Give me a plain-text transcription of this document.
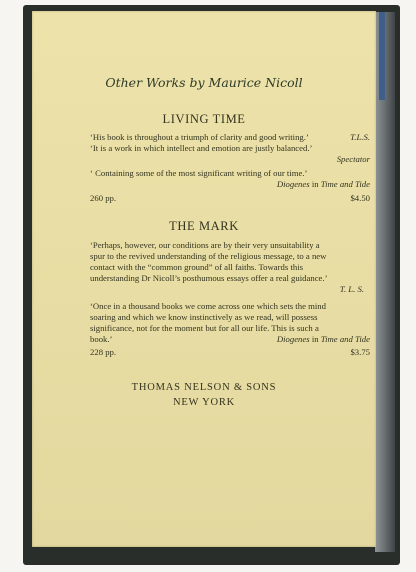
Other Works by Maurice Nicoll
LIVING TIME
‘His book is throughout a triumph of clarity and good writing.’	T.L.S.
‘It is a work in which intellect and emotion are justly balanced.’
Spectator
‘ Containing some of the most significant writing of our time.’
Diogenes in Time and Tide
260 pp.	$4.50
THE MARK
‘Perhaps, however, our conditions are by their very unsuitability a
spur to the revived understanding of the religious message, to a new
contact with the “common ground” of all faiths. Towards this
understanding Dr Nicoll’s posthumous essays offer a real guidance.’
T. L. S.
‘Once in a thousand books we come across one which sets the mind
soaring and which we know instinctively as we read, will possess
significance, not for the moment but for all our life. This is such a
book.’	Diogenes in Time and Tide
228 pp.	$3.75
THOMAS NELSON & SONS
NEW YORK
